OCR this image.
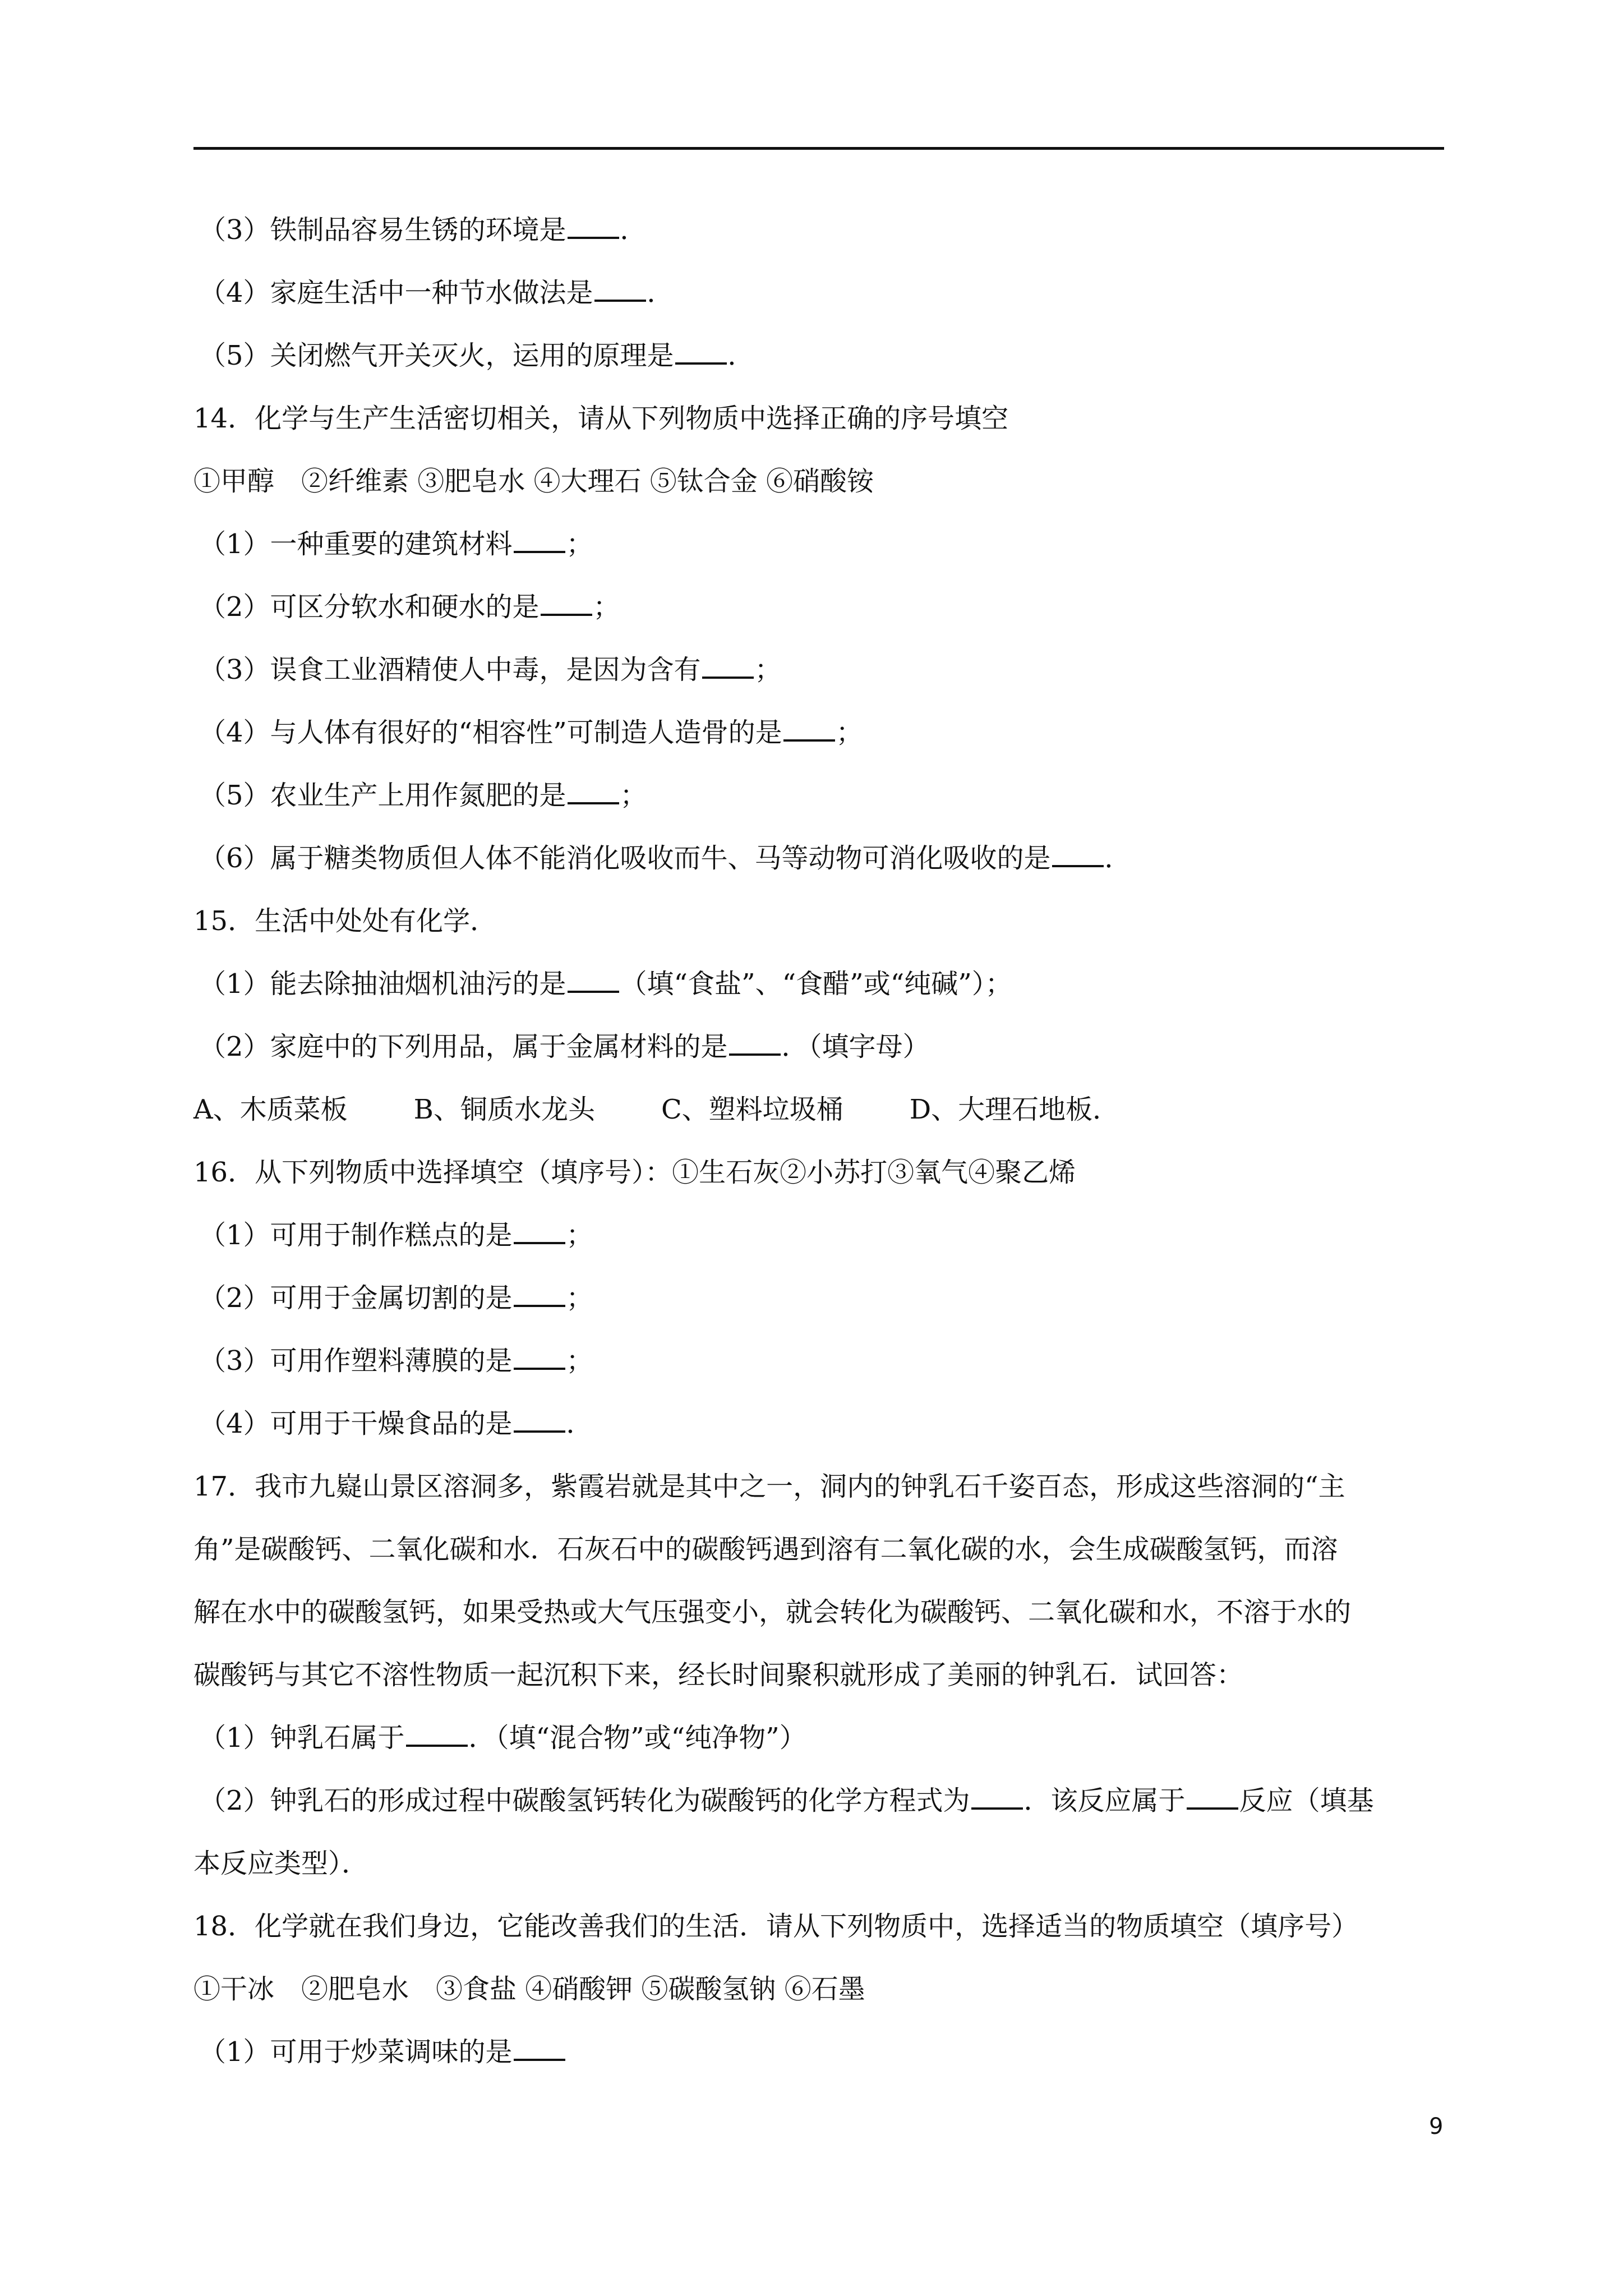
（3）铁制品容易生锈的环境是 ．
（4）家庭生活中一种节水做法是 ．
（5）关闭燃气开关灭火，运用的原理是 ．
14．化学与生产生活密切相关，请从下列物质中选择正确的序号填空
①甲醇　②纤维素 ③肥皂水 ④大理石 ⑤钛合金 ⑥硝酸铵
（1）一种重要的建筑材料 ；
（2）可区分软水和硬水的是 ；
（3）误食工业酒精使人中毒，是因为含有 ；
（4）与人体有很好的“相容性”可制造人造骨的是 ；
（5）农业生产上用作氮肥的是 ；
（6）属于糖类物质但人体不能消化吸收而牛、马等动物可消化吸收的是 ．
15．生活中处处有化学．
（1）能去除抽油烟机油污的是 （填“食盐”、“食醋”或“纯碱”）；
（2）家庭中的下列用品，属于金属材料的是 ．（填字母）
A、木质菜板 B、铜质水龙头 C、塑料垃圾桶 D、大理石地板．
16．从下列物质中选择填空（填序号）：①生石灰②小苏打③氧气④聚乙烯
（1）可用于制作糕点的是 ；
（2）可用于金属切割的是 ；
（3）可用作塑料薄膜的是 ；
（4）可用于干燥食品的是 ．
17．我市九嶷山景区溶洞多，紫霞岩就是其中之一，洞内的钟乳石千姿百态，形成这些溶洞的“主
角”是碳酸钙、二氧化碳和水．石灰石中的碳酸钙遇到溶有二氧化碳的水，会生成碳酸氢钙，而溶
解在水中的碳酸氢钙，如果受热或大气压强变小，就会转化为碳酸钙、二氧化碳和水，不溶于水的
碳酸钙与其它不溶性物质一起沉积下来，经长时间聚积就形成了美丽的钟乳石．试回答：
（1）钟乳石属于 ．（填“混合物”或“纯净物”）
（2）钟乳石的形成过程中碳酸氢钙转化为碳酸钙的化学方程式为 ．该反应属于 反应（填基
本反应类型）．
18．化学就在我们身边，它能改善我们的生活．请从下列物质中，选择适当的物质填空（填序号）
①干冰　②肥皂水　③食盐 ④硝酸钾 ⑤碳酸氢钠 ⑥石墨
（1）可用于炒菜调味的是
9
